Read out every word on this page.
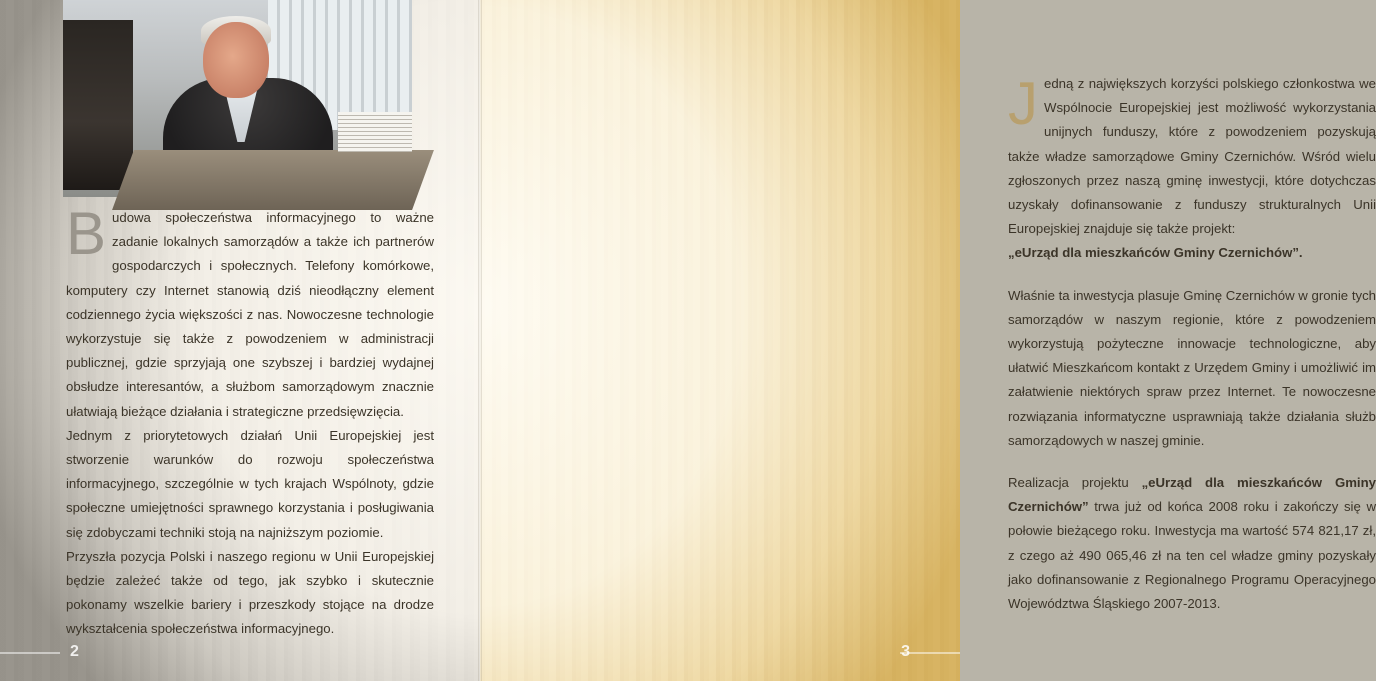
Budowa społeczeństwa informacyjnego to ważne zadanie lokalnych samorządów a także ich partnerów gospodarczych i społecznych. Telefony komórkowe, komputery czy Internet stanowią dziś nieodłączny element codziennego życia większości z nas. Nowoczesne technologie wykorzystuje się także z powodzeniem w administracji publicznej, gdzie sprzyjają one szybszej i bardziej wydajnej obsłudze interesantów, a służbom samorządowym znacznie ułatwiają bieżące działania i strategiczne przedsięwzięcia.

Jednym z priorytetowych działań Unii Europejskiej jest stworzenie warunków do rozwoju społeczeństwa informacyjnego, szczególnie w tych krajach Wspólnoty, gdzie społeczne umiejętności sprawnego korzystania i posługiwania się zdobyczami techniki stoją na najniższym poziomie.

Przyszła pozycja Polski i naszego regionu w Unii Europejskiej będzie zależeć także od tego, jak szybko i skutecznie pokonamy wszelkie bariery i przeszkody stojące na drodze wykształcenia społeczeństwa informacyjnego.

2

Jedną z największych korzyści polskiego członkostwa we Wspólnocie Europejskiej jest możliwość wykorzystania unijnych funduszy, które z powodzeniem pozyskują także władze samorządowe Gminy Czernichów. Wśród wielu zgłoszonych przez naszą gminę inwestycji, które dotychczas uzyskały dofinansowanie z funduszy strukturalnych Unii Europejskiej znajduje się także projekt:
„eUrząd dla mieszkańców Gminy Czernichów”.

Właśnie ta inwestycja plasuje Gminę Czernichów w gronie tych samorządów w naszym regionie, które z powodzeniem wykorzystują pożyteczne innowacje technologiczne, aby ułatwić Mieszkańcom kontakt z Urzędem Gminy i umożliwić im załatwienie niektórych spraw przez Internet. Te nowoczesne rozwiązania informatyczne usprawniają także działania służb samorządowych w naszej gminie.

Realizacja projektu „eUrząd dla mieszkańców Gminy Czernichów” trwa już od końca 2008 roku i zakończy się w połowie bieżącego roku. Inwestycja ma wartość 574 821,17 zł, z czego aż 490 065,46 zł na ten cel władze gminy pozyskały jako dofinansowanie z Regionalnego Programu Operacyjnego Województwa Śląskiego 2007-2013.

3
